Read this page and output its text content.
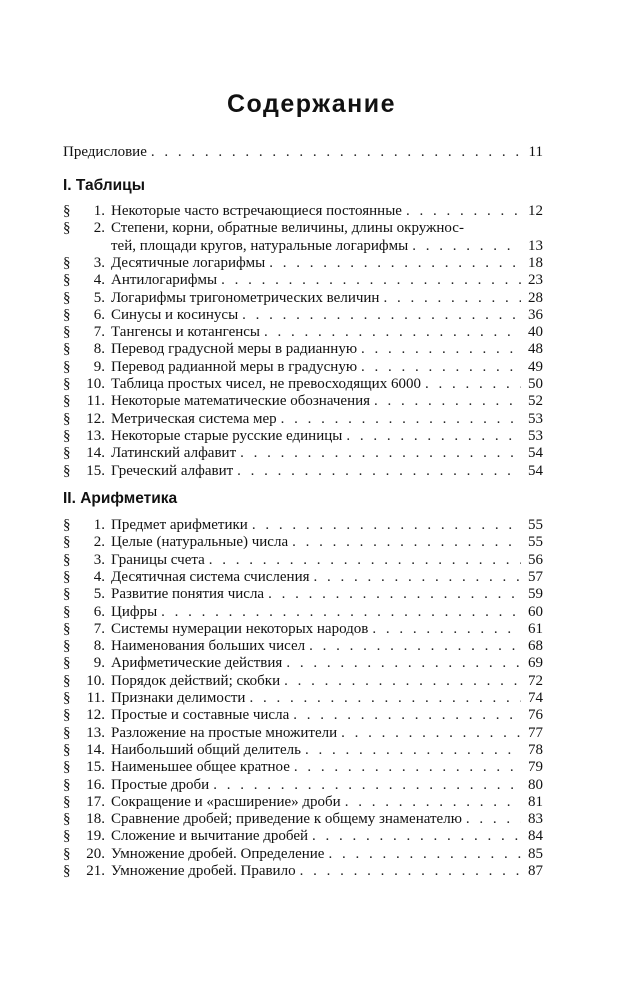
Содержание
Предисловие . . .	11
I. Таблицы
§	1. Некоторые часто встречающиеся постоянные . . .	12
§	2. Степени, корни, обратные величины, длины окружнос-
тей, площади кругов, натуральные логарифмы . . .	13
§	3. Десятичные логарифмы . . .	18
§	4. Антилогарифмы . . .	23
§	5. Логарифмы тригонометрических величин . . .	28
§	6. Синусы и косинусы . . .	36
§	7. Тангенсы и котангенсы . . .	40
§	8. Перевод градусной меры в радианную . . .	48
§	9. Перевод радианной меры в градусную . . .	49
§	10. Таблица простых чисел, не превосходящих 6000 . . .	50
§	11. Некоторые математические обозначения . . .	52
§	12. Метрическая система мер . . .	53
§	13. Некоторые старые русские единицы . . .	53
§	14. Латинский алфавит . . .	54
§	15. Греческий алфавит . . .	54
II. Арифметика
§	1. Предмет арифметики . . .	55
§	2. Целые (натуральные) числа . . .	55
§	3. Границы счета . . .	56
§	4. Десятичная система счисления . . .	57
§	5. Развитие понятия числа . . .	59
§	6. Цифры . . .	60
§	7. Системы нумерации некоторых народов . . .	61
§	8. Наименования больших чисел . . .	68
§	9. Арифметические действия . . .	69
§	10. Порядок действий; скобки . . .	72
§	11. Признаки делимости . . .	74
§	12. Простые и составные числа . . .	76
§	13. Разложение на простые множители . . .	77
§	14. Наибольший общий делитель . . .	78
§	15. Наименьшее общее кратное . . .	79
§	16. Простые дроби . . .	80
§	17. Сокращение и «расширение» дроби . . .	81
§	18. Сравнение дробей; приведение к общему знаменателю . . .	83
§	19. Сложение и вычитание дробей . . .	84
§	20. Умножение дробей. Определение . . .	85
§	21. Умножение дробей. Правило . . .	87
